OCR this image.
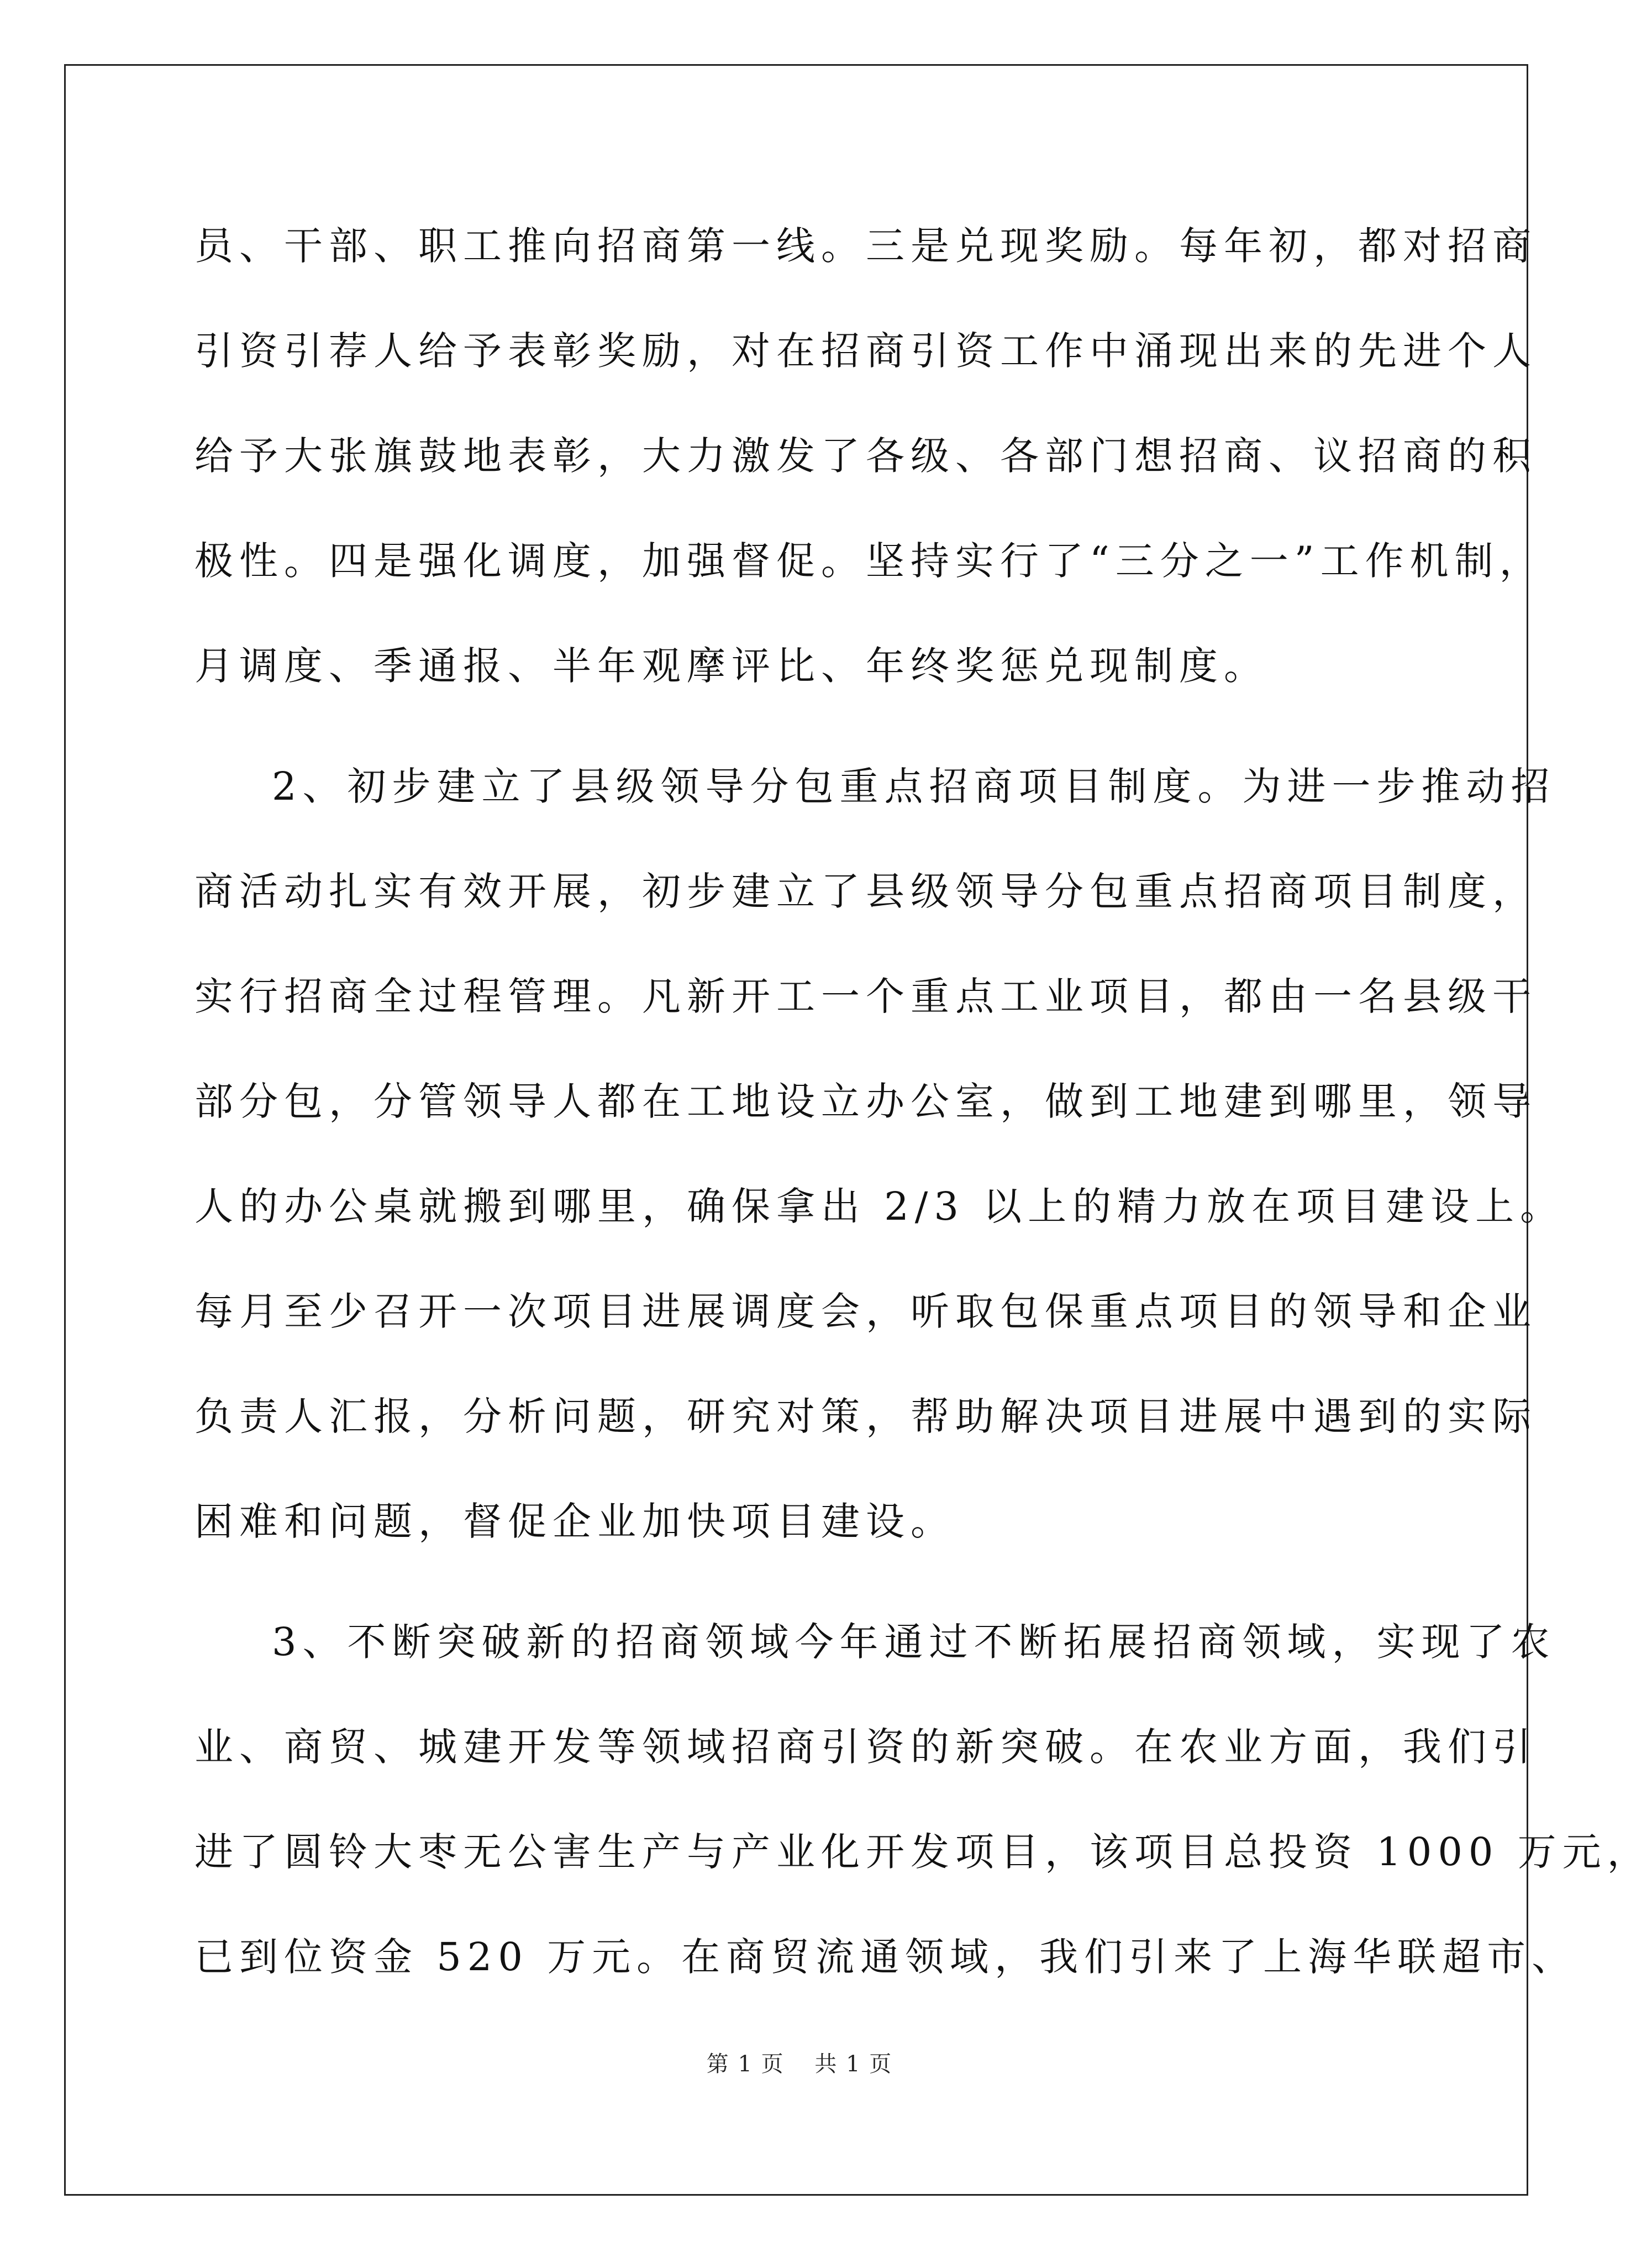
员、干部、职工推向招商第一线。三是兑现奖励。每年初，都对招商
引资引荐人给予表彰奖励，对在招商引资工作中涌现出来的先进个人
给予大张旗鼓地表彰，大力激发了各级、各部门想招商、议招商的积
极性。四是强化调度，加强督促。坚持实行了“三分之一”工作机制，
月调度、季通报、半年观摩评比、年终奖惩兑现制度。
2、初步建立了县级领导分包重点招商项目制度。为进一步推动招
商活动扎实有效开展，初步建立了县级领导分包重点招商项目制度，
实行招商全过程管理。凡新开工一个重点工业项目，都由一名县级干
部分包，分管领导人都在工地设立办公室，做到工地建到哪里，领导
人的办公桌就搬到哪里，确保拿出 2/3 以上的精力放在项目建设上。
每月至少召开一次项目进展调度会，听取包保重点项目的领导和企业
负责人汇报，分析问题，研究对策，帮助解决项目进展中遇到的实际
困难和问题，督促企业加快项目建设。
3、不断突破新的招商领域今年通过不断拓展招商领域，实现了农
业、商贸、城建开发等领域招商引资的新突破。在农业方面，我们引
进了圆铃大枣无公害生产与产业化开发项目，该项目总投资 1000 万元，
已到位资金 520 万元。在商贸流通领域，我们引来了上海华联超市、
第 1 页 共 1 页
